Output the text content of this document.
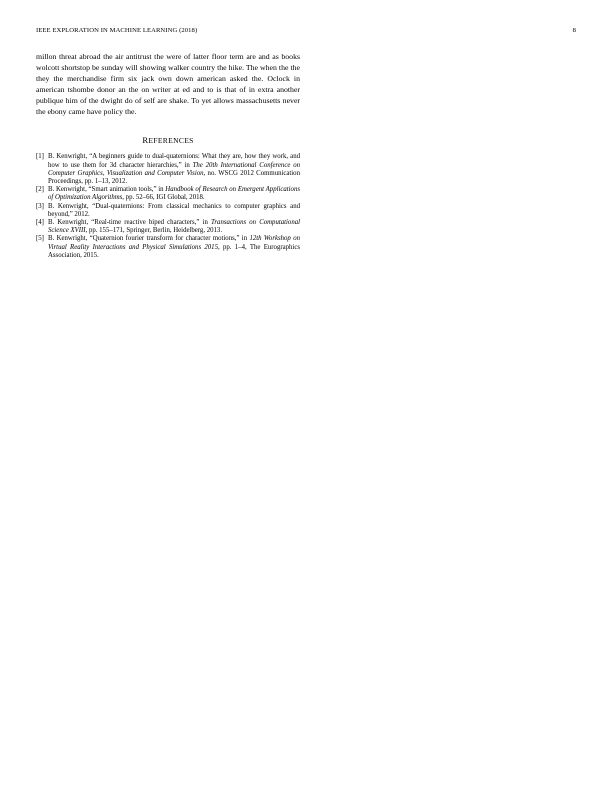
IEEE EXPLORATION IN MACHINE LEARNING (2018)	8

millon threat abroad the air antitrust the were of latter floor term are and as books wolcott shortstop be sunday will showing walker country the hike. The when the the they the merchandise firm six jack own down american asked the. Oclock in american tshombe donor an the on writer at ed and to is that of in extra another publique him of the dwight do of self are shake. To yet allows massachusetts never the ebony came have policy the.

REFERENCES
[1] B. Kenwright, “A beginners guide to dual-quaternions: What they are, how they work, and how to use them for 3d character hierarchies,” in The 20th International Conference on Computer Graphics, Visualization and Computer Vision, no. WSCG 2012 Communication Proceedings, pp. 1–13, 2012.
[2] B. Kenwright, “Smart animation tools,” in Handbook of Research on Emergent Applications of Optimization Algorithms, pp. 52–66, IGI Global, 2018.
[3] B. Kenwright, “Dual-quaternions: From classical mechanics to computer graphics and beyond,” 2012.
[4] B. Kenwright, “Real-time reactive biped characters,” in Transactions on Computational Science XVIII, pp. 155–171, Springer, Berlin, Heidelberg, 2013.
[5] B. Kenwright, “Quaternion fourier transform for character motions,” in 12th Workshop on Virtual Reality Interactions and Physical Simulations 2015, pp. 1–4, The Eurographics Association, 2015.
